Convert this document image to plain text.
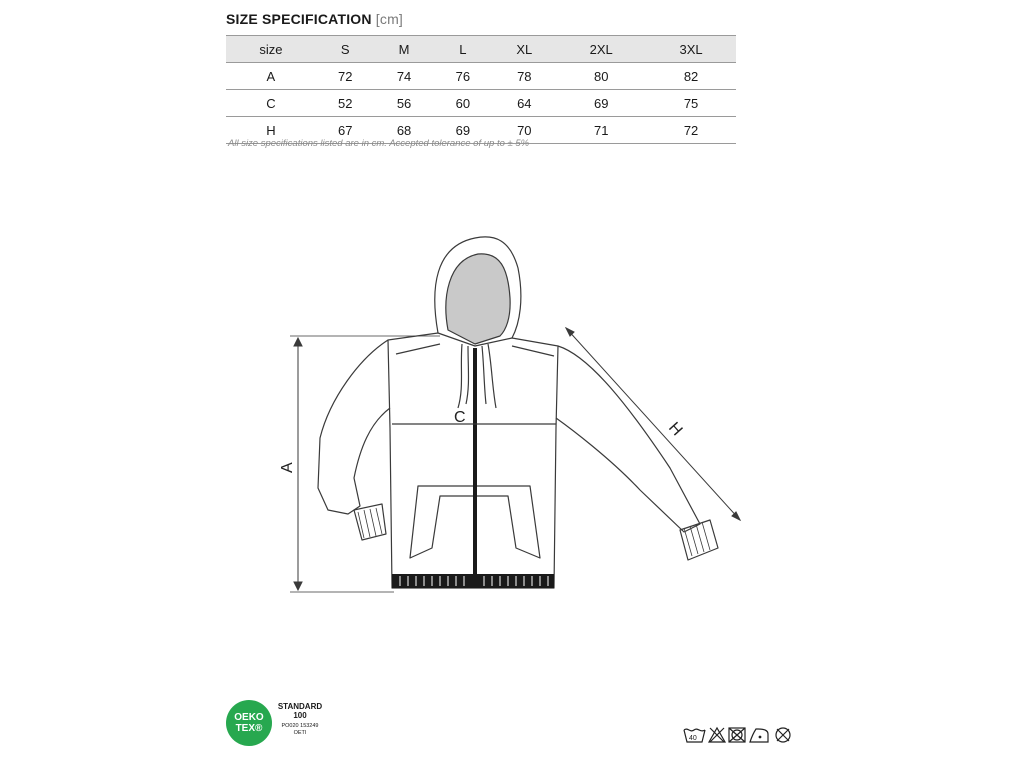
SIZE SPECIFICATION [cm]
size	S	M	L	XL	2XL	3XL
A	72	74	76	78	80	82
C	52	56	60	64	69	75
H	67	68	69	70	71	72
All size specifications listed are in cm. Accepted tolerance of up to ± 5%
A
C
H
OEKO
TEX®
STANDARD
100
PO020 153249
OETI
40
